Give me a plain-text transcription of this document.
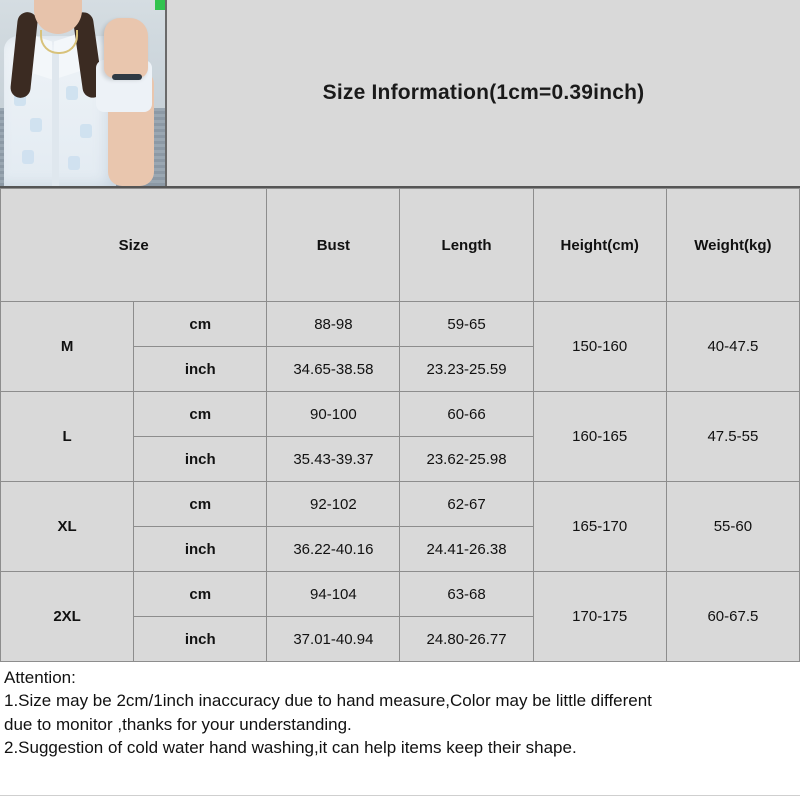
Size Information(1cm=0.39inch)
Size		Bust	Length	Height(cm)	Weight(kg)
M	cm	88-98	59-65	150-160	40-47.5
	inch	34.65-38.58	23.23-25.59		
L	cm	90-100	60-66	160-165	47.5-55
	inch	35.43-39.37	23.62-25.98		
XL	cm	92-102	62-67	165-170	55-60
	inch	36.22-40.16	24.41-26.38		
2XL	cm	94-104	63-68	170-175	60-67.5
	inch	37.01-40.94	24.80-26.77		
Attention:
1.Size may be 2cm/1inch inaccuracy due to hand measure,Color may be little different
due to monitor ,thanks for your understanding.
2.Suggestion of cold water hand washing,it can help items keep their shape.
